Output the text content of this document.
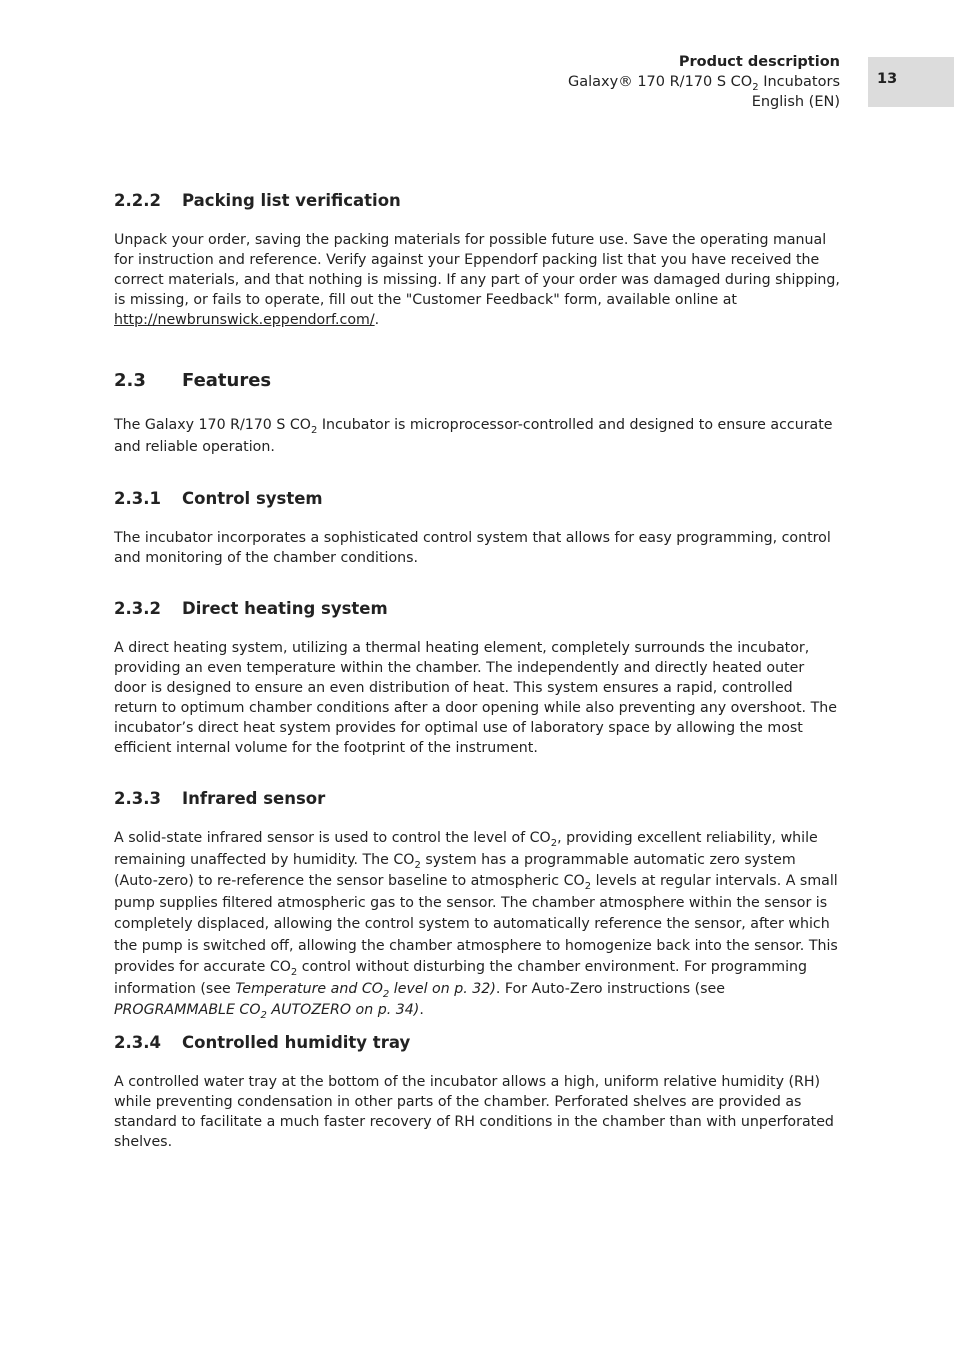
Product description
Galaxy® 170 R/170 S $CO_2$ Incubators
English (EN)
13
2.2.2	Packing list verification

Unpack your order, saving the packing materials for possible future use. Save the operating manual for instruction and reference. Verify against your Eppendorf packing list that you have received the correct materials, and that nothing is missing. If any part of your order was damaged during shipping, is missing, or fails to operate, fill out the "Customer Feedback" form, available online at http://newbrunswick.eppendorf.com/.

2.3	Features

The Galaxy 170 R/170 S $CO_2$ Incubator is microprocessor-controlled and designed to ensure accurate and reliable operation.

2.3.1	Control system

The incubator incorporates a sophisticated control system that allows for easy programming, control and monitoring of the chamber conditions.

2.3.2	Direct heating system

A direct heating system, utilizing a thermal heating element, completely surrounds the incubator, providing an even temperature within the chamber. The independently and directly heated outer door is designed to ensure an even distribution of heat. This system ensures a rapid, controlled return to optimum chamber conditions after a door opening while also preventing any overshoot. The incubator’s direct heat system provides for optimal use of laboratory space by allowing the most efficient internal volume for the footprint of the instrument.

2.3.3	Infrared sensor

A solid-state infrared sensor is used to control the level of $CO_2$, providing excellent reliability, while remaining unaffected by humidity. The $CO_2$ system has a programmable automatic zero system (Auto-zero) to re-reference the sensor baseline to atmospheric $CO_2$ levels at regular intervals. A small pump supplies filtered atmospheric gas to the sensor. The chamber atmosphere within the sensor is completely displaced, allowing the control system to automatically reference the sensor, after which the pump is switched off, allowing the chamber atmosphere to homogenize back into the sensor. This provides for accurate $CO_2$ control without disturbing the chamber environment. For programming information (see Temperature and $CO_2$ level on p. 32). For Auto-Zero instructions (see PROGRAMMABLE $CO_2$ AUTOZERO on p. 34).

2.3.4	Controlled humidity tray

A controlled water tray at the bottom of the incubator allows a high, uniform relative humidity (RH) while preventing condensation in other parts of the chamber. Perforated shelves are provided as standard to facilitate a much faster recovery of RH conditions in the chamber than with unperforated shelves.
